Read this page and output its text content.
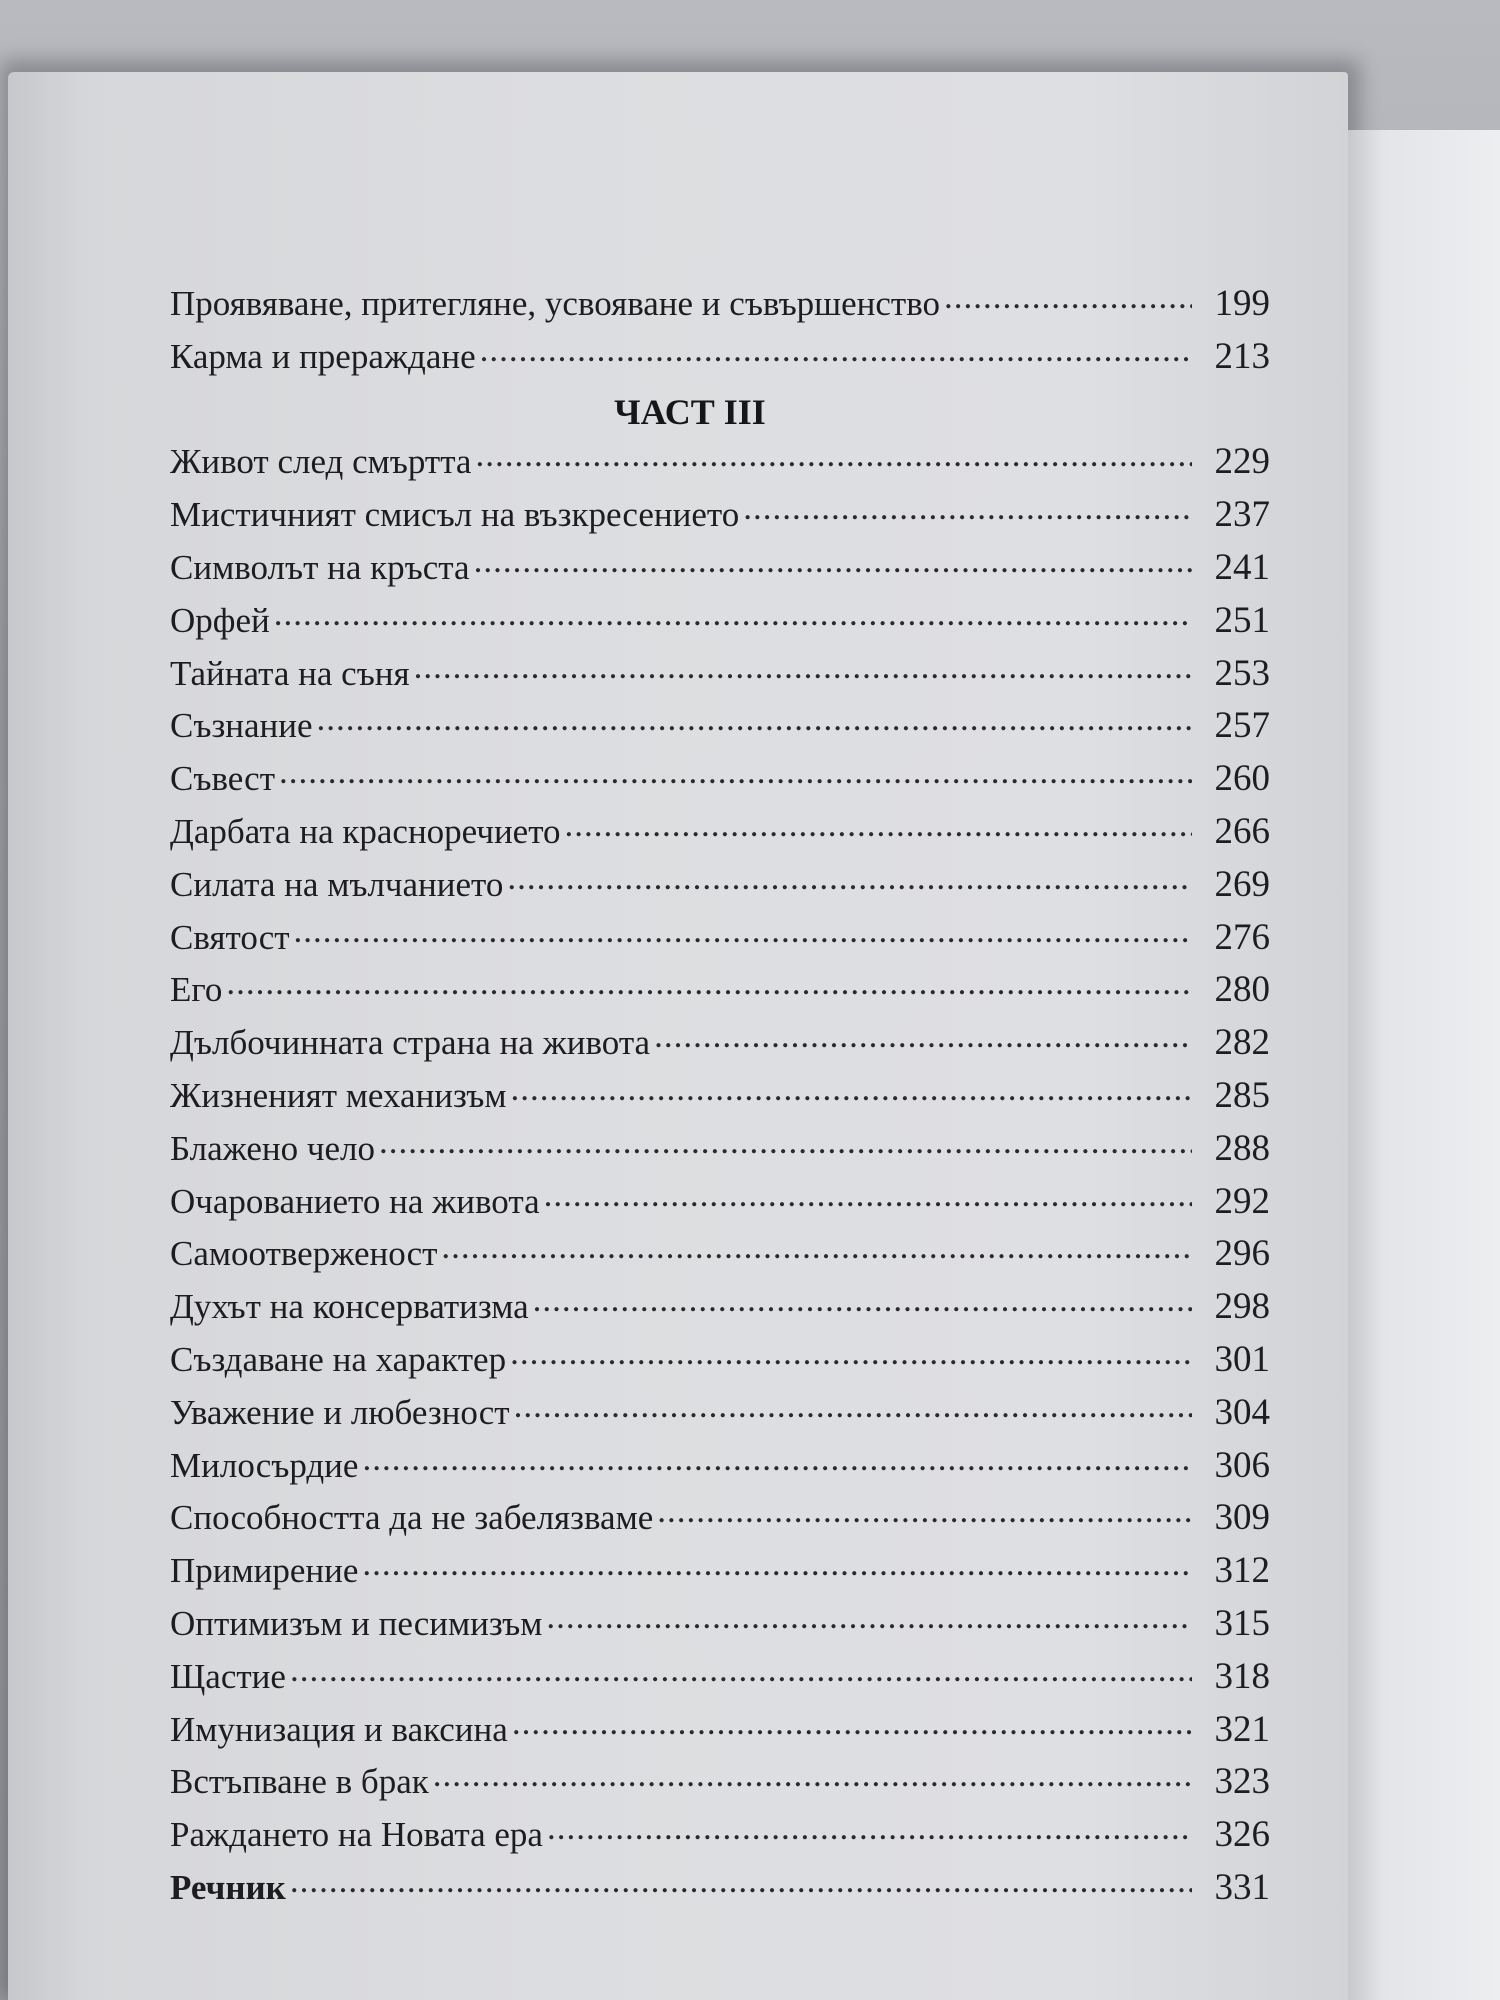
Проявяване, притегляне, усвояване и съвършенство .....	199
Карма и прераждане .....	213
ЧАСТ III
Живот след смъртта .....	229
Мистичният смисъл на възкресението .....	237
Символът на кръста .....	241
Орфей .....	251
Тайната на съня .....	253
Съзнание .....	257
Съвест .....	260
Дарбата на красноречието .....	266
Силата на мълчанието .....	269
Святост .....	276
Его .....	280
Дълбочинната страна на живота .....	282
Жизненият механизъм .....	285
Блажено чело .....	288
Очарованието на живота .....	292
Самоотверженост .....	296
Духът на консерватизма .....	298
Създаване на характер .....	301
Уважение и любезност .....	304
Милосърдие .....	306
Способността да не забелязваме .....	309
Примирение .....	312
Оптимизъм и песимизъм .....	315
Щастие .....	318
Имунизация и ваксина .....	321
Встъпване в брак .....	323
Раждането на Новата ера .....	326
Речник .....	331
